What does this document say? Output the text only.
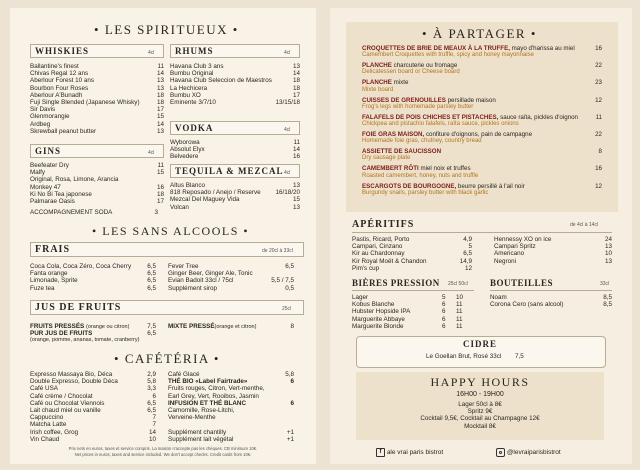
• LES SPIRITUEUX •
WHISKIES	4cl
Ballantine's finest	11
Chivas Regal 12 ans	14
Aberlour Forest 10 ans	13
Bourbon Four Roses	13
Aberlour A'Bunadh	18
Fuji Single Blended (Japanese Whisky)	18
Sir Davis	17
Glenmorangie	15
Ardbeg	14
Skrewball peanut butter	13
RHUMS	4cl
Havana Club 3 ans	13
Bumbu Original	14
Havana Club Seleccion de Maestros	18
La Hechicera	18
Bumbu XO	17
Eminente 3/7/10	13/15/18
VODKA	4cl
Wyborowa	11
Absolut Elyx	14
Belvedere	16
GINS	4cl
Beefeater Dry	11
Malfy	15
Original, Rosa, Limone, Arancia
Monkey 47	16
Ki No Bi Tea japonese	18
Palmarae Oasis	17
ACCOMPAGNEMENT SODA	3
TEQUILA & MEZCAL 4cl
Altus Blanco	13
818 Reposado / Anejo / Reserve 16/18/20
Mezcal Del Maguey Vida	15
Volcan	13
• LES SANS ALCOOLS •
FRAIS	de 20cl à 33cl
Coca Cola, Coca Zéro, Coca Cherry	6,5
Fanta orange	6,5
Limonade, Sprite	6,5
Fuze tea	6,5
Fever Tree	6,5
Ginger Beer, Ginger Ale, Tonic
Evian Badoit 33cl / 75cl	5,5 / 7,5
Supplément sirop	0,5
JUS DE FRUITS	25cl
FRUITS PRESSÉS (orange ou citron)	7,5
PUR JUS DE FRUITS	6,5
(orange, pomme, ananas, tomate, cranberry)
MIXTE PRESSÉ(orange et citron)	8
• CAFÉTÉRIA •
Expresso Massaya Bio, Déca	2,9
Double Expresso, Double Déca	5,8
Café USA	3,3
Café crème / Chocolat	6
Café ou Chocolat Viennois	6,5
Lait chaud miel ou vanille	6,5
Cappuccino	7
Matcha Latte	7
Irish coffee, Grog	14
Vin Chaud	10
Café Glacé	5,8
THÉ BIO «Label Fairtrade»	6
Fruits rouges, Citron, Vert-menthe,
Earl Grey, Vert, Rooibos, Jasmin
INFUSION ET THÉ BLANC	6
Camomille, Rose-Litchi,
Verveine-Menthe
Supplément chantilly	+1
Supplément lait végétal	+1
Prix nets en euros, taxes et service compris. La maison n'accepte pas les chèques. CB minimum 10€.
Net prices in euros, taxes and service included. We don't accept checks. Credit cards from 10€.
• À PARTAGER •
CROQUETTES DE BRIE DE MEAUX À LA TRUFFE, mayo d'harissa au miel	16
Camembert Croquettes with truffle, spicy and honey mayonnaise
PLANCHE charcuterie ou fromage	22
Delicatessen board or Cheese board
PLANCHE mixte	23
Mixte board
CUISSES DE GRENOUILLES persillade maison	12
Frog's legs with homemade parsley butter
FALAFELS DE POIS CHICHES ET PISTACHES, sauce raïta, pickles d'oignon	11
Chickpea and pistachio falafels, raïta sauce, pickles onions
FOIE GRAS MAISON, confiture d'oignons, pain de campagne	22
Homemade foie gras, chutney, country bread
ASSIETTE DE SAUCISSON	8
Dry sausage plate
CAMEMBERT RÔTI miel noix et truffes	16
Roasted camembert, honey, nuts and truffle
ESCARGOTS DE BOURGOGNE, beurre persillé à l'ail noir	12
Burgundy snails, parsley butter with black garlic
APÉRITIFS	de 4cl à 14cl
Pastis, Ricard, Porto	4,9
Campari, Cinzano	5
Kir au Chardonnay	6,5
Kir Royal Moët & Chandon	14,9
Pim's cup	12
Hennessy XO on ice	24
Campari Spritz	13
Americano	10
Negroni	13
BIÈRES PRESSION 25cl 50cl
Lager	5 10
Kobus Blanche	6 11
Hubster Hopside IPA	6 11
Marguerite Abbaye	6 11
Marguerite Blonde	6 11
BOUTEILLES	33cl
Noam	8,5
Corona Cero (sans alcool)	8,5
CIDRE
Le Goellan Brut, Rosé 33cl 7,5
HAPPY HOURS
16H00 - 19H00
Lager 50cl à 8€
Spritz 9€
Cocktail 9,5€, Cocktail au Champagne 12€
Mocktail 8€
f ale vrai paris bistrot	@levraiparisbistrot
